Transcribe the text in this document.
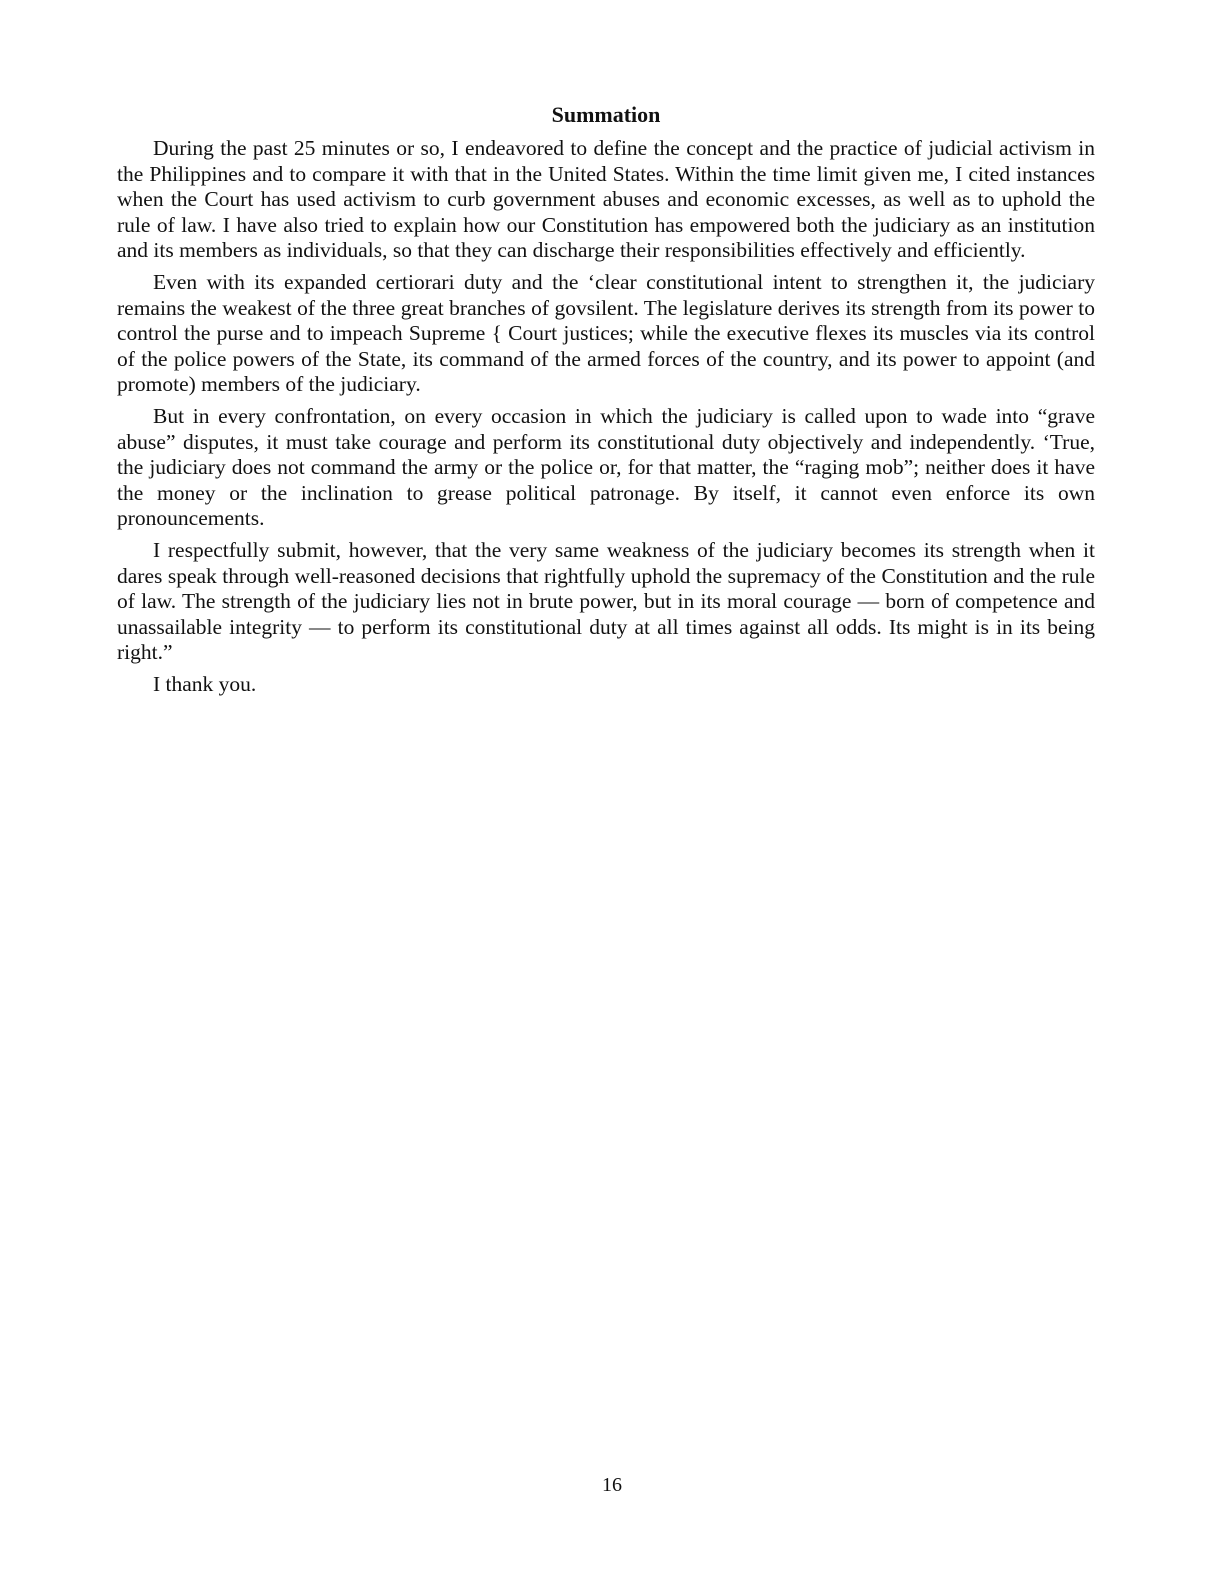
Summation

During the past 25 minutes or so, I endeavored to define the concept and the practice of judicial activism in the Philippines and to compare it with that in the United States. Within the time limit given me, I cited instances when the Court has used activism to curb government abuses and economic excesses, as well as to uphold the rule of law. I have also tried to explain how our Constitution has empowered both the judiciary as an institution and its members as individuals, so that they can discharge their responsibilities effectively and efficiently.

Even with its expanded certiorari duty and the ‘clear constitutional intent to strengthen it, the judiciary remains the weakest of the three great branches of govsilent. The legislature derives its strength from its power to control the purse and to impeach Supreme { Court justices; while the executive flexes its muscles via its control of the police powers of the State, its command of the armed forces of the country, and its power to appoint (and promote) members of the judiciary.

But in every confrontation, on every occasion in which the judiciary is called upon to wade into “grave abuse” disputes, it must take courage and perform its constitutional duty objectively and independently. ‘True, the judiciary does not command the army or the police or, for that matter, the “raging mob”; neither does it have the money or the inclination to grease political patronage. By itself, it cannot even enforce its own pronouncements.

I respectfully submit, however, that the very same weakness of the judiciary becomes its strength when it dares speak through well-reasoned decisions that rightfully uphold the supremacy of the Constitution and the rule of law. The strength of the judiciary lies not in brute power, but in its moral courage — born of competence and unassailable integrity — to perform its constitutional duty at all times against all odds. Its might is in its being right.”

I thank you.

16
